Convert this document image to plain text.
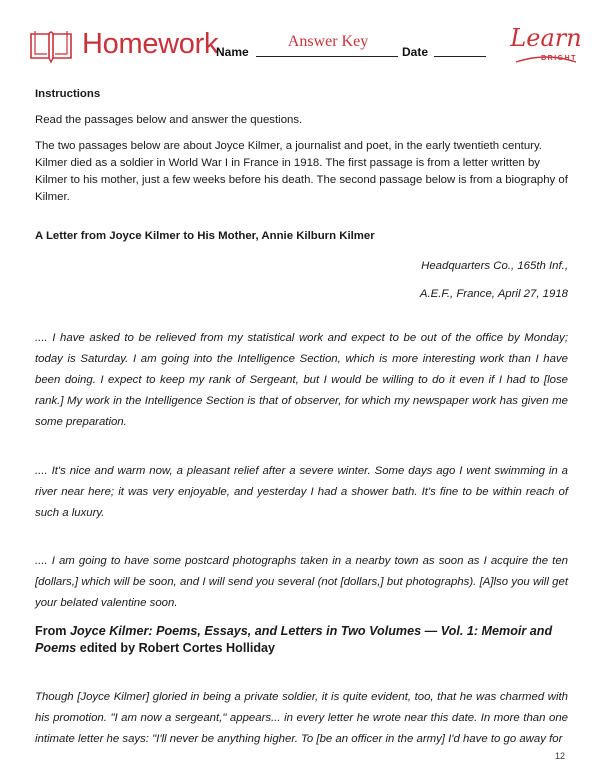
Homework
Name
Answer Key
Date	Learn
BRIGHT

Instructions

Read the passages below and answer the questions.

The two passages below are about Joyce Kilmer, a journalist and poet, in the early twentieth century. Kilmer died as a soldier in World War I in France in 1918. The first passage is from a letter written by Kilmer to his mother, just a few weeks before his death. The second passage below is from a biography of Kilmer.

A Letter from Joyce Kilmer to His Mother, Annie Kilburn Kilmer

Headquarters Co., 165th Inf.,

A.E.F., France, April 27, 1918

.... I have asked to be relieved from my statistical work and expect to be out of the office by Monday; today is Saturday. I am going into the Intelligence Section, which is more interesting work than I have been doing. I expect to keep my rank of Sergeant, but I would be willing to do it even if I had to [lose rank.] My work in the Intelligence Section is that of observer, for which my newspaper work has given me some preparation.

.... It's nice and warm now, a pleasant relief after a severe winter. Some days ago I went swimming in a river near here; it was very enjoyable, and yesterday I had a shower bath. It's fine to be within reach of such a luxury.

.... I am going to have some postcard photographs taken in a nearby town as soon as I acquire the ten [dollars,] which will be soon, and I will send you several (not [dollars,] but photographs). [A]lso you will get your belated valentine soon.

From Joyce Kilmer: Poems, Essays, and Letters in Two Volumes — Vol. 1: Memoir and Poems edited by Robert Cortes Holliday

Though [Joyce Kilmer] gloried in being a private soldier, it is quite evident, too, that he was charmed with his promotion. "I am now a sergeant," appears... in every letter he wrote near this date. In more than one intimate letter he says: "I'll never be anything higher. To [be an officer in the army] I'd have to go away for

12
